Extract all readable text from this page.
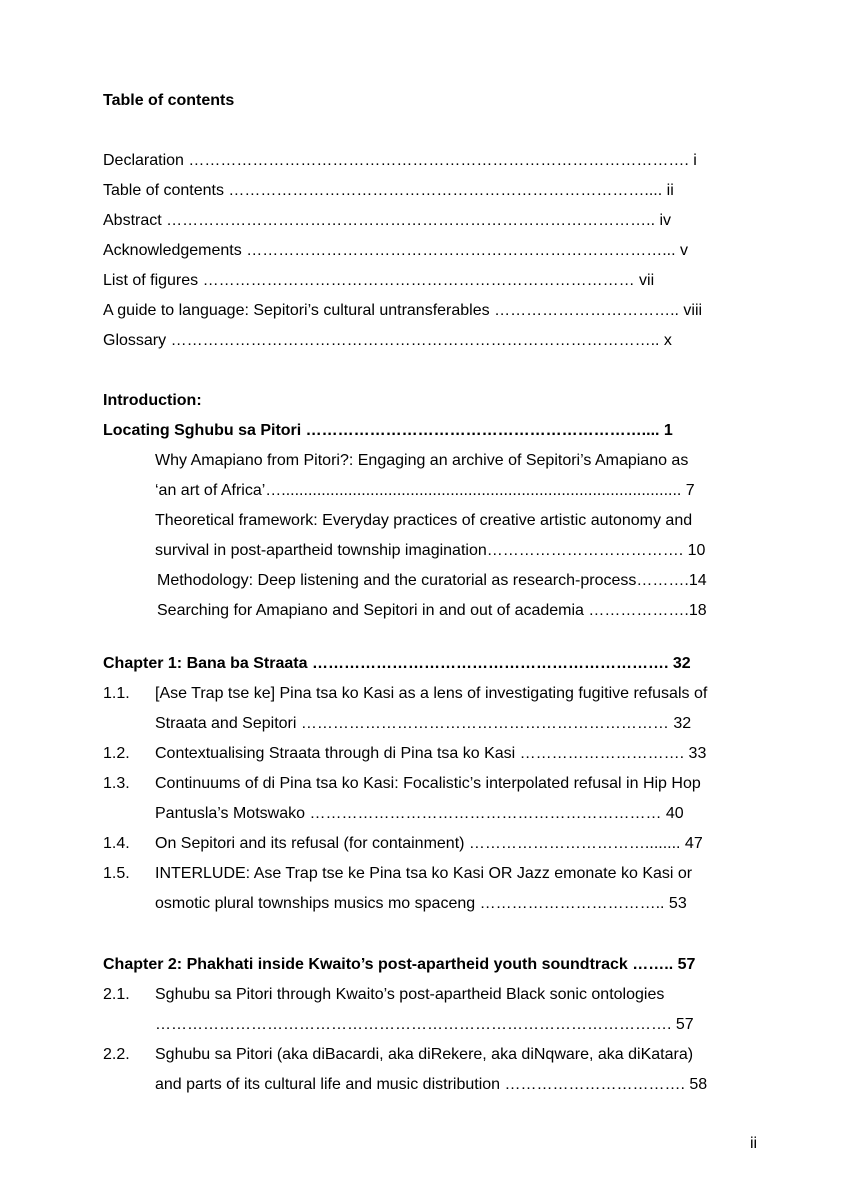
Table of contents
Declaration …………………………………………………………………………………. i
Table of contents …………………………………………………………………….... ii
Abstract ……………………………………………………………………………….. iv
Acknowledgements ……………………………………………………………………... v
List of figures ……………………………………………………………………… vii
A guide to language: Sepitori’s cultural untransferables …………………………….. viii
Glossary ……………………………………………………………………………….. x
Introduction:
Locating Sghubu sa Pitori ……………………………………………………….... 1
Why Amapiano from Pitori?: Engaging an archive of Sepitori’s Amapiano as
‘an art of Africa’….......................................................................................... 7
Theoretical framework: Everyday practices of creative artistic autonomy and
survival in post-apartheid township imagination………………………………. 10
Methodology: Deep listening and the curatorial as research-process……….14
Searching for Amapiano and Sepitori in and out of academia ……………….18
Chapter 1: Bana ba Straata …………………………………………………………. 32
1.1. [Ase Trap tse ke] Pina tsa ko Kasi as a lens of investigating fugitive refusals of
Straata and Sepitori …………………………………………………………… 32
1.2. Contextualising Straata through di Pina tsa ko Kasi …………………………. 33
1.3. Continuums of di Pina tsa ko Kasi: Focalistic’s interpolated refusal in Hip Hop
Pantusla’s Motswako ………………………………………………………… 40
1.4. On Sepitori and its refusal (for containment) ……………………………........ 47
1.5. INTERLUDE: Ase Trap tse ke Pina tsa ko Kasi OR Jazz emonate ko Kasi or
osmotic plural townships musics mo spaceng …………………………….. 53
Chapter 2: Phakhati inside Kwaito’s post-apartheid youth soundtrack …….. 57
2.1. Sghubu sa Pitori through Kwaito’s post-apartheid Black sonic ontologies
……………………………………………………………………………………. 57
2.2. Sghubu sa Pitori (aka diBacardi, aka diRekere, aka diNqware, aka diKatara)
and parts of its cultural life and music distribution ……………………………. 58
ii
